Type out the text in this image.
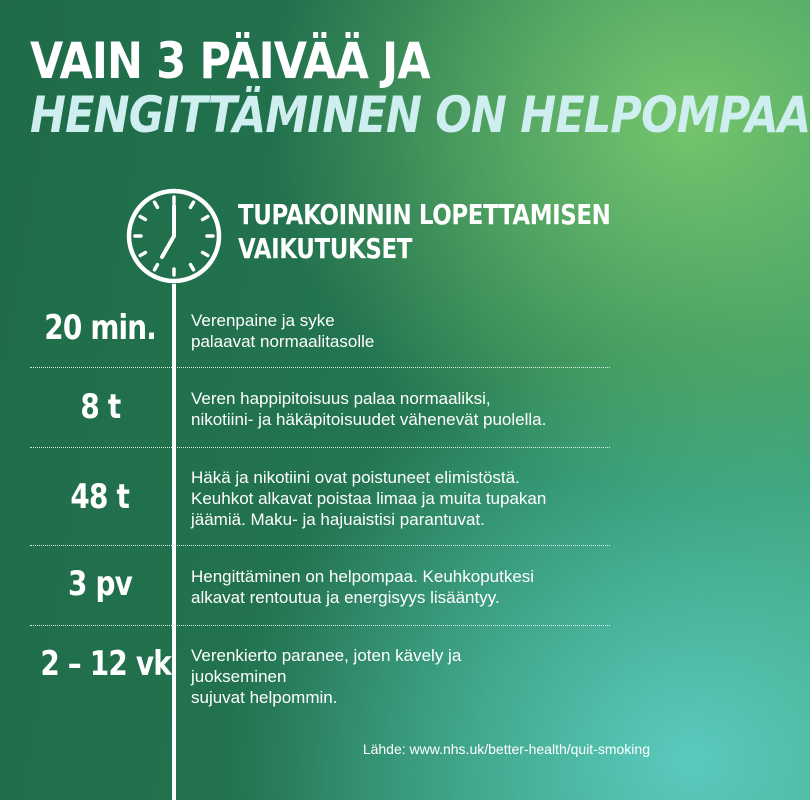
VAIN 3 PÄIVÄÄ JA
HENGITTÄMINEN ON HELPOMPAA
TUPAKOINNIN LOPETTAMISEN
VAIKUTUKSET
20 min.	Verenpaine ja syke
palaavat normaalitasolle
8 t	Veren happipitoisuus palaa normaaliksi,
nikotiini- ja häkäpitoisuudet vähenevät puolella.
48 t	Häkä ja nikotiini ovat poistuneet elimistöstä.
Keuhkot alkavat poistaa limaa ja muita tupakan
jäämiä. Maku- ja hajuaistisi parantuvat.
3 pv	Hengittäminen on helpompaa. Keuhkoputkesi
alkavat rentoutua ja energisyys lisääntyy.
2 – 12 vk Verenkierto paranee, joten kävely ja
juokseminen
sujuvat helpommin.
Lähde: www.nhs.uk/better-health/quit-smoking
